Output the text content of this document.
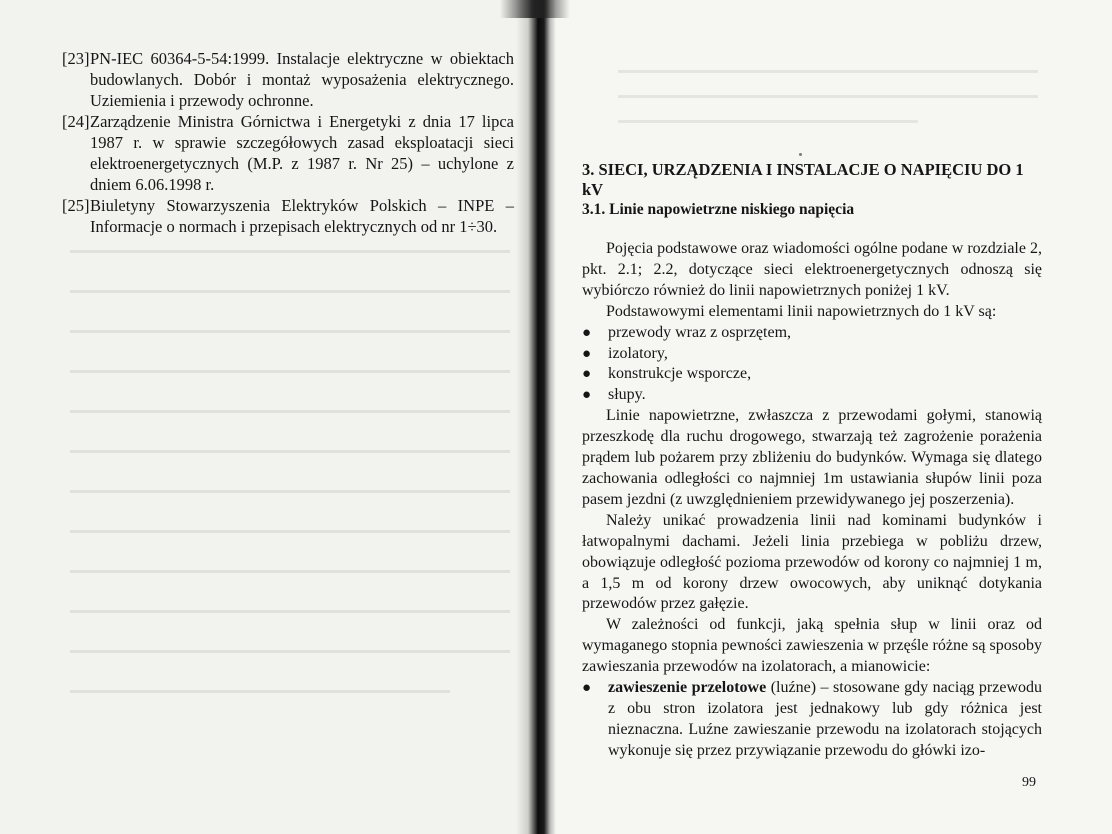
[23] PN-IEC 60364-5-54:1999. Instalacje elektryczne w obiektach budowlanych. Dobór i montaż wyposażenia elektrycznego. Uziemienia i przewody ochronne.
[24] Zarządzenie Ministra Górnictwa i Energetyki z dnia 17 lipca 1987 r. w sprawie szczegółowych zasad eksploatacji sieci elektroenergetycznych (M.P. z 1987 r. Nr 25) – uchylone z dniem 6.06.1998 r.
[25] Biuletyny Stowarzyszenia Elektryków Polskich – INPE – Informacje o normach i przepisach elektrycznych od nr 1÷30.
3. SIECI, URZĄDZENIA I INSTALACJE O NAPIĘCIU DO 1 kV
3.1. Linie napowietrzne niskiego napięcia

Pojęcia podstawowe oraz wiadomości ogólne podane w rozdziale 2, pkt. 2.1; 2.2, dotyczące sieci elektroenergetycznych odnoszą się wybiórczo również do linii napowietrznych poniżej 1 kV.

Podstawowymi elementami linii napowietrznych do 1 kV są:

●	przewody wraz z osprzętem,
●	izolatory,
●	konstrukcje wsporcze,
●	słupy.

Linie napowietrzne, zwłaszcza z przewodami gołymi, stanowią przeszkodę dla ruchu drogowego, stwarzają też zagrożenie porażenia prądem lub pożarem przy zbliżeniu do budynków. Wymaga się dlatego zachowania odległości co najmniej 1m ustawiania słupów linii poza pasem jezdni (z uwzględnieniem przewidywanego jej poszerzenia).

Należy unikać prowadzenia linii nad kominami budynków i łatwopalnymi dachami. Jeżeli linia przebiega w pobliżu drzew, obowiązuje odległość pozioma przewodów od korony co najmniej 1 m, a 1,5 m od korony drzew owocowych, aby uniknąć dotykania przewodów przez gałęzie.

W zależności od funkcji, jaką spełnia słup w linii oraz od wymaganego stopnia pewności zawieszenia w przęśle różne są sposoby zawieszania przewodów na izolatorach, a mianowicie:

●	zawieszenie przelotowe (luźne) – stosowane gdy naciąg przewodu z obu stron izolatora jest jednakowy lub gdy różnica jest nieznaczna. Luźne zawieszanie przewodu na izolatorach stojących wykonuje się przez przywiązanie przewodu do główki izo-
99
